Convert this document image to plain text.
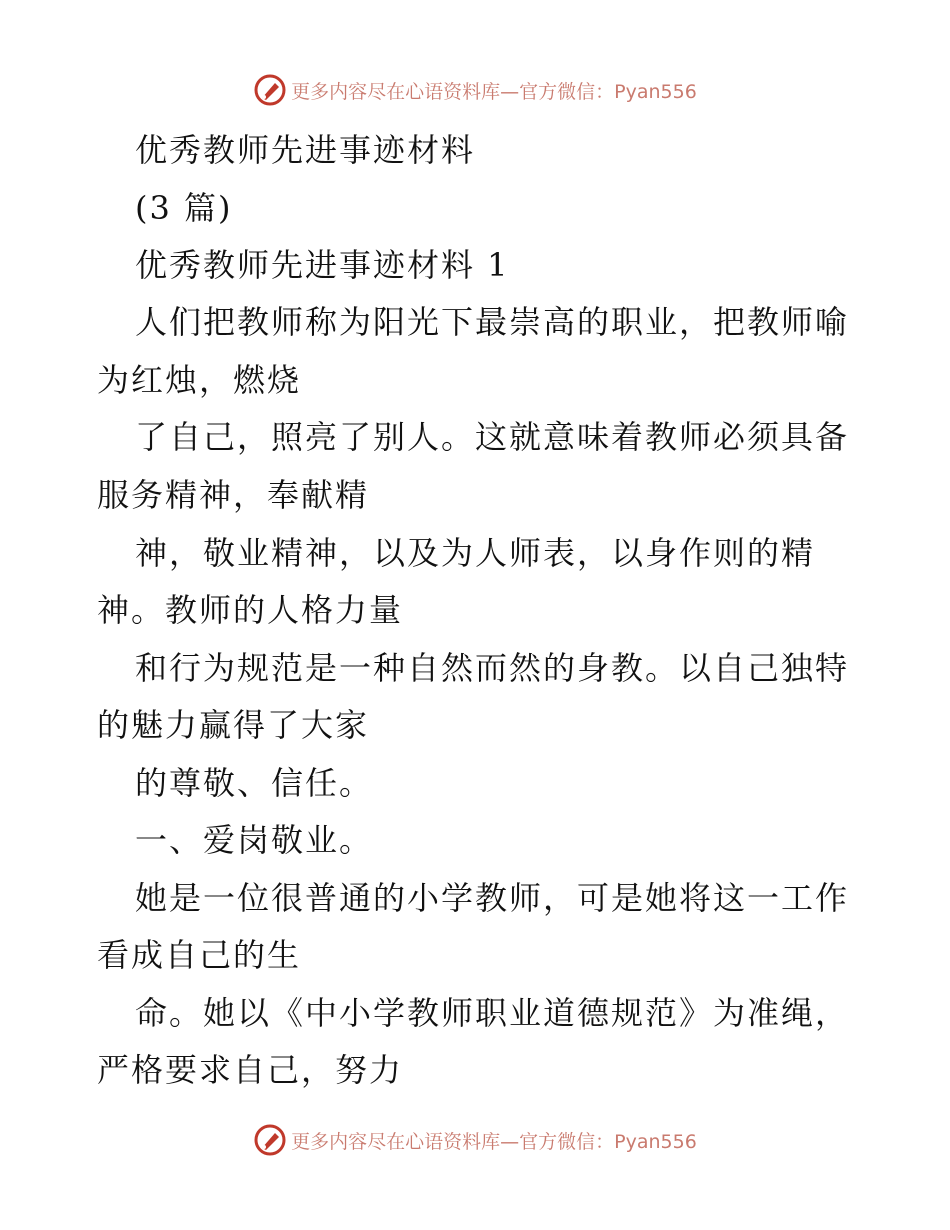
更多内容尽在心语资料库—官方微信：Pyan556
优秀教师先进事迹材料
(3 篇)
优秀教师先进事迹材料 1
人们把教师称为阳光下最崇高的职业，把教师喻
为红烛，燃烧
了自己，照亮了别人。这就意味着教师必须具备
服务精神，奉献精
神，敬业精神，以及为人师表，以身作则的精
神。教师的人格力量
和行为规范是一种自然而然的身教。以自己独特
的魅力赢得了大家
的尊敬、信任。
一、爱岗敬业。
她是一位很普通的小学教师，可是她将这一工作
看成自己的生
命。她以《中小学教师职业道德规范》为准绳，
严格要求自己，努力
更多内容尽在心语资料库—官方微信：Pyan556
